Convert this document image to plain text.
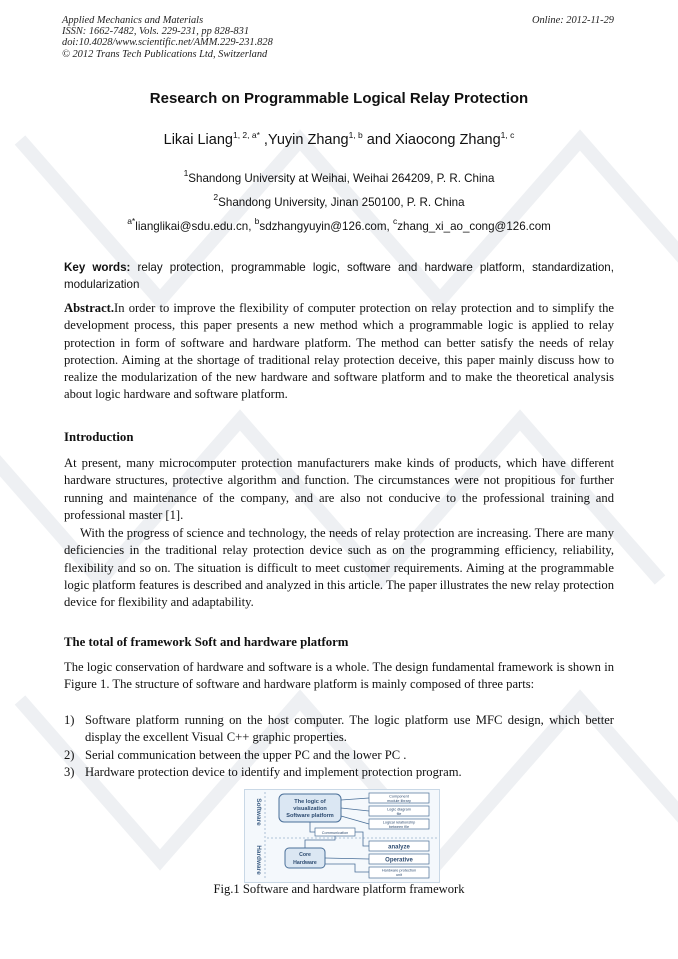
Applied Mechanics and Materials
ISSN: 1662-7482, Vols. 229-231, pp 828-831
doi:10.4028/www.scientific.net/AMM.229-231.828
© 2012 Trans Tech Publications Ltd, Switzerland
Online: 2012-11-29
Research on Programmable Logical Relay Protection
Likai Liang$^{1, 2, a*}$ ,Yuyin Zhang$^{1, b}$ and Xiaocong Zhang$^{1, c}$
$^1$Shandong University at Weihai, Weihai 264209, P. R. China
$^2$Shandong University, Jinan 250100, P. R. China
$^{a*}$lianglikai@sdu.edu.cn, $^b$sdzhangyuyin@126.com, $^c$zhang_xi_ao_cong@126.com
Key words: relay protection, programmable logic, software and hardware platform, standardization, modularization
Abstract.In order to improve the flexibility of computer protection on relay protection and to simplify the development process, this paper presents a new method which a programmable logic is applied to relay protection in form of software and hardware platform. The method can better satisfy the needs of relay protection. Aiming at the shortage of traditional relay protection deceive, this paper mainly discuss how to realize the modularization of the new hardware and software platform and to make the theoretical analysis about logic hardware and software platform.
Introduction
At present, many microcomputer protection manufacturers make kinds of products, which have different hardware structures, protective algorithm and function. The circumstances were not propitious for further running and maintenance of the company, and are also not conducive to the professional training and professional master [1].
With the progress of science and technology, the needs of relay protection are increasing. There are many deficiencies in the traditional relay protection device such as on the programming efficiency, reliability, flexibility and so on. The situation is difficult to meet customer requirements. Aiming at the programmable logic platform features is described and analyzed in this article. The paper illustrates the new relay protection device for flexibility and adaptability.
The total of framework Soft and hardware platform
The logic conservation of hardware and software is a whole. The design fundamental framework is shown in Figure 1. The structure of software and hardware platform is mainly composed of three parts:
1) Software platform running on the host computer. The logic platform use MFC design, which better display the excellent Visual C++ graphic properties.
2) Serial communication between the upper PC and the lower PC .
3) Hardware protection device to identify and implement protection program.
Software
Hardware
The logic of
visualization
Software platform
Core
Hardware
Communication
Component
module library
Logic diagram
file
Logical relationship
between file
analyze
Operative
Hardware protection
unit
Fig.1 Software and hardware platform framework
